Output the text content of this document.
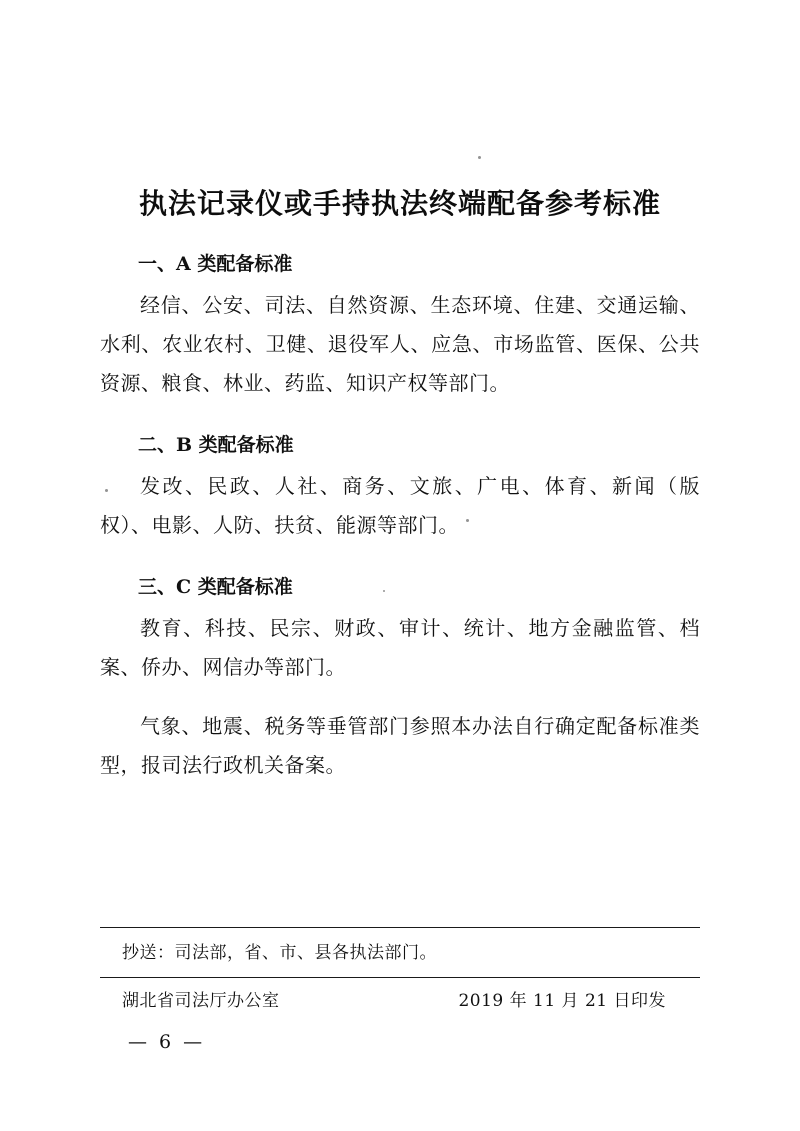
执法记录仪或手持执法终端配备参考标准
一、A 类配备标准

经信、公安、司法、自然资源、生态环境、住建、交通运输、水利、农业农村、卫健、退役军人、应急、市场监管、医保、公共资源、粮食、林业、药监、知识产权等部门。

二、B 类配备标准

发改、民政、人社、商务、文旅、广电、体育、新闻（版权）、电影、人防、扶贫、能源等部门。

三、C 类配备标准

教育、科技、民宗、财政、审计、统计、地方金融监管、档案、侨办、网信办等部门。

气象、地震、税务等垂管部门参照本办法自行确定配备标准类型，报司法行政机关备案。

抄送：司法部，省、市、县各执法部门。
湖北省司法厅办公室	2019 年 11 月 21 日印发
— 6 —
